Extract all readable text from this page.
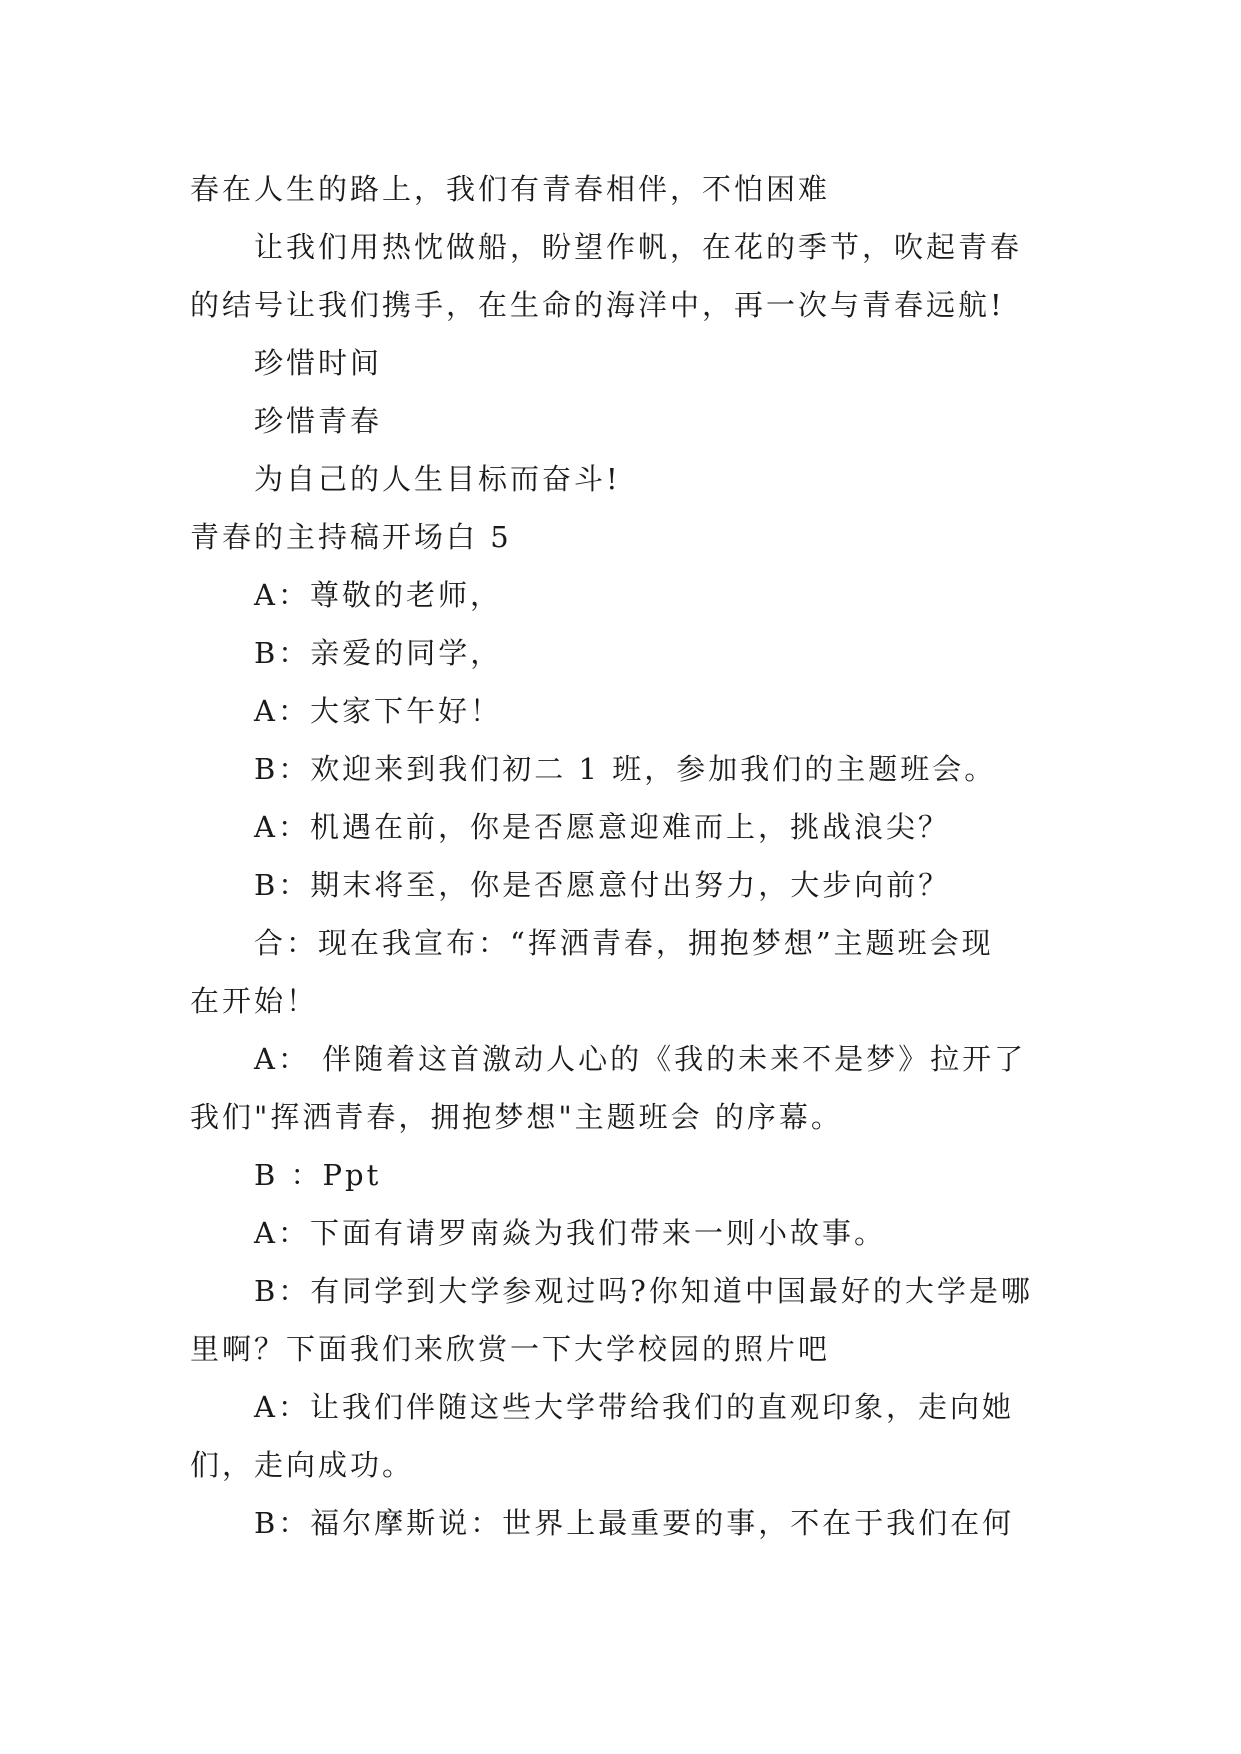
春在人生的路上，我们有青春相伴，不怕困难
让我们用热忱做船，盼望作帆，在花的季节，吹起青春
的结号让我们携手，在生命的海洋中，再一次与青春远航!
珍惜时间
珍惜青春
为自己的人生目标而奋斗!
青春的主持稿开场白 5
A：尊敬的老师，
B：亲爱的同学，
A：大家下午好！
B：欢迎来到我们初二 1 班，参加我们的主题班会。
A：机遇在前，你是否愿意迎难而上，挑战浪尖？
B：期末将至，你是否愿意付出努力，大步向前？
合：现在我宣布：“挥洒青春，拥抱梦想”主题班会现
在开始！
A： 伴随着这首激动人心的《我的未来不是梦》拉开了
我们"挥洒青春，拥抱梦想"主题班会 的序幕。
B ：Ppt
A：下面有请罗南焱为我们带来一则小故事。
B：有同学到大学参观过吗?你知道中国最好的大学是哪
里啊？下面我们来欣赏一下大学校园的照片吧
A：让我们伴随这些大学带给我们的直观印象，走向她
们，走向成功。
B：福尔摩斯说：世界上最重要的事，不在于我们在何
